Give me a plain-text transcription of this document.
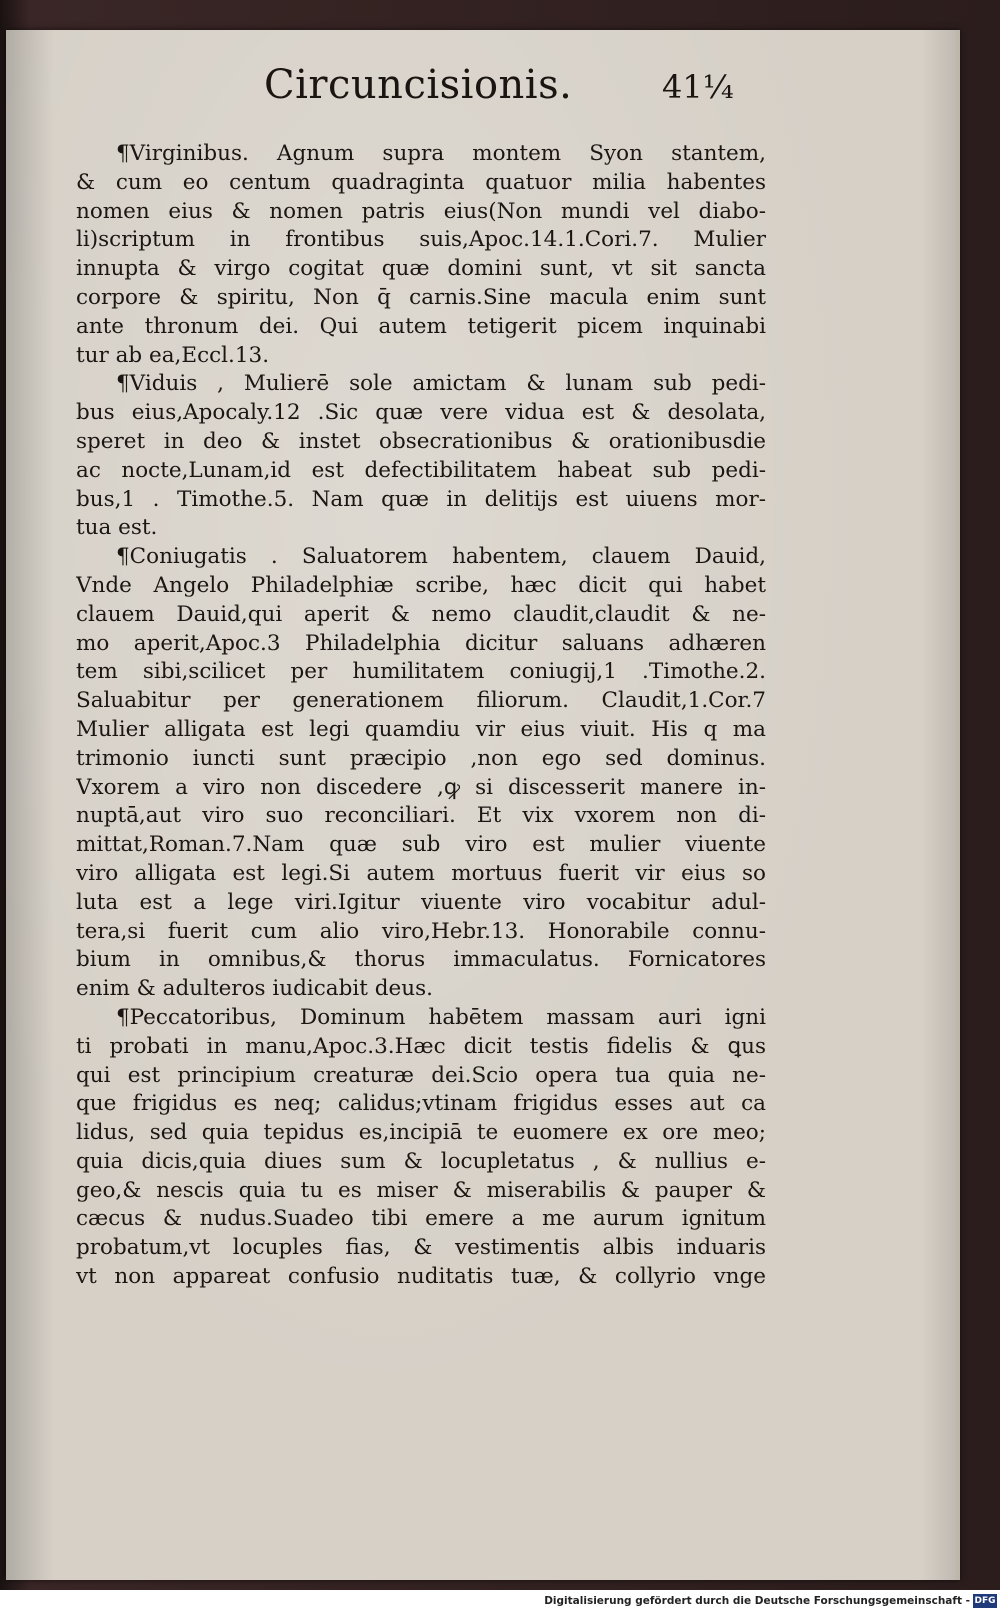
Circuncisionis.	41¼
¶Virginibus. Agnum supra montem Syon stantem,
& cum eo centum quadraginta quatuor milia habentes
nomen eius & nomen patris eius(Non mundi vel diabo-
li)scriptum in frontibus suis,Apoc.14.1.Cori.7. Mulier
innupta & virgo cogitat quæ domini sunt, vt sit sancta
corpore & spiritu, Non q̄ carnis.Sine macula enim sunt
ante thronum dei. Qui autem tetigerit picem inquinabi
tur ab ea,Eccl.13.
¶Viduis , Mulierē sole amictam & lunam sub pedi-
bus eius,Apocaly.12 .Sic quæ vere vidua est & desolata,
speret in deo & instet obsecrationibus & orationibusdie
ac nocte,Lunam,id est defectibilitatem habeat sub pedi-
bus,1 . Timothe.5. Nam quæ in delitijs est uiuens mor-
tua est.
¶Coniugatis . Saluatorem habentem, clauem Dauid,
Vnde Angelo Philadelphiæ scribe, hæc dicit qui habet
clauem Dauid,qui aperit & nemo claudit,claudit & ne-
mo aperit,Apoc.3 Philadelphia dicitur saluans adhæren
tem sibi,scilicet per humilitatem coniugij,1 .Timothe.2.
Saluabitur per generationem filiorum. Claudit,1.Cor.7
Mulier alligata est legi quamdiu vir eius viuit. His q ma
trimonio iuncti sunt præcipio ,non ego sed dominus.
Vxorem a viro non discedere ,ꝙ si discesserit manere in-
nuptā,aut viro suo reconciliari. Et vix vxorem non di-
mittat,Roman.7.Nam quæ sub viro est mulier viuente
viro alligata est legi.Si autem mortuus fuerit vir eius so
luta est a lege viri.Igitur viuente viro vocabitur adul-
tera,si fuerit cum alio viro,Hebr.13. Honorabile connu-
bium in omnibus,& thorus immaculatus. Fornicatores
enim & adulteros iudicabit deus.
¶Peccatoribus, Dominum habētem massam auri igni
ti probati in manu,Apoc.3.Hæc dicit testis fidelis & ꝗus
qui est principium creaturæ dei.Scio opera tua quia ne-
que frigidus es neq; calidus;vtinam frigidus esses aut ca
lidus, sed quia tepidus es,incipiā te euomere ex ore meo;
quia dicis,quia diues sum & locupletatus , & nullius e-
geo,& nescis quia tu es miser & miserabilis & pauper &
cæcus & nudus.Suadeo tibi emere a me aurum ignitum
probatum,vt locuples fias, & vestimentis albis induaris
vt non appareat confusio nuditatis tuæ, & collyrio vnge
Digitalisierung gefördert durch die Deutsche Forschungsgemeinschaft - DFG
